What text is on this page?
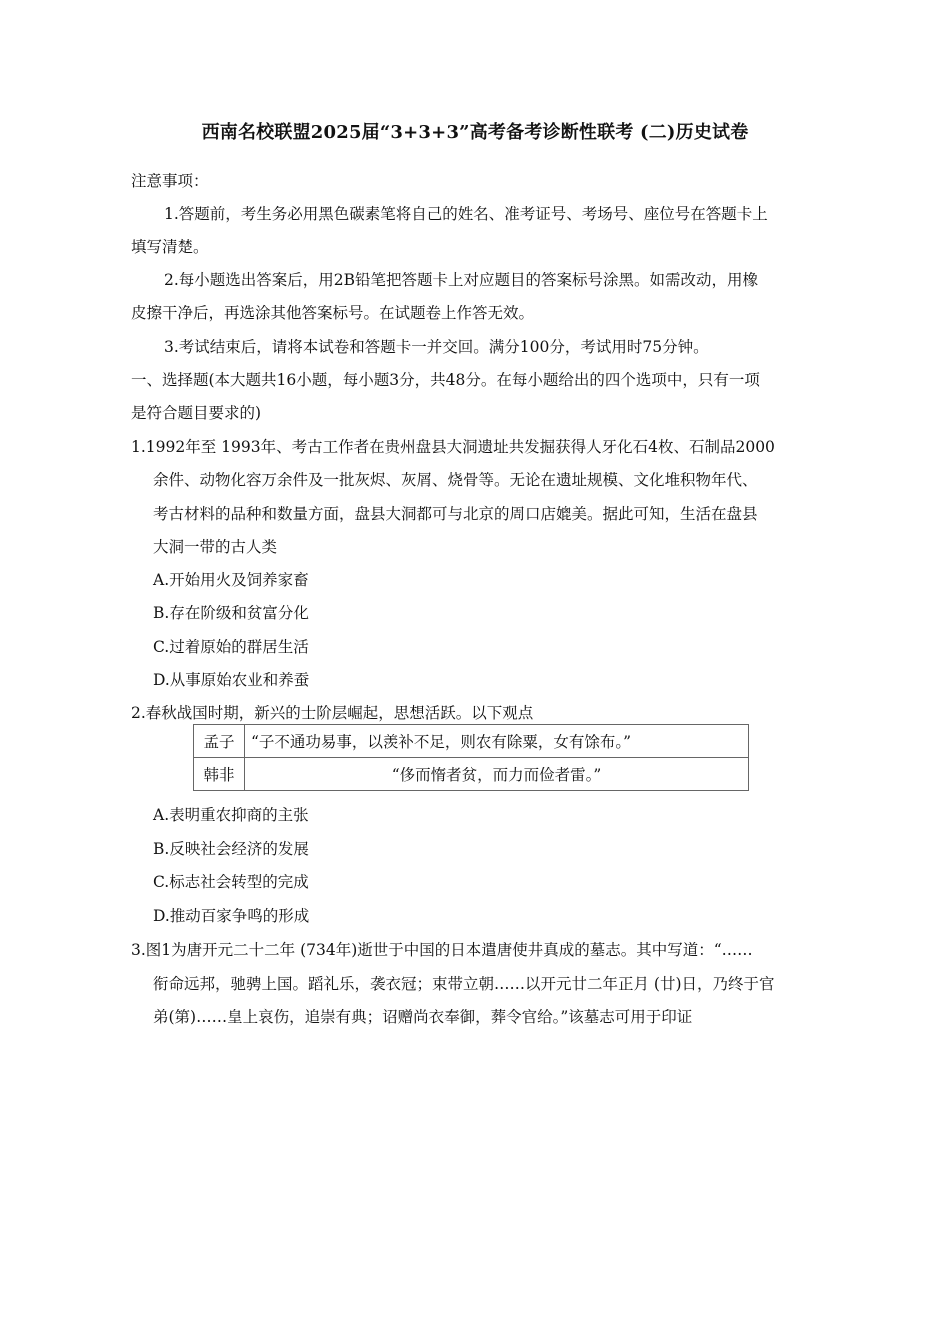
西南名校联盟2025届“3+3+3”高考备考诊断性联考 (二)历史试卷
注意事项：
1.答题前，考生务必用黑色碳素笔将自己的姓名、准考证号、考场号、座位号在答题卡上
填写清楚。
2.每小题选出答案后，用2B铅笔把答题卡上对应题目的答案标号涂黑。如需改动，用橡
皮擦干净后，再选涂其他答案标号。在试题卷上作答无效。
3.考试结束后，请将本试卷和答题卡一并交回。满分100分，考试用时75分钟。
一、选择题(本大题共16小题，每小题3分，共48分。在每小题给出的四个选项中，只有一项
是符合题目要求的)
1.1992年至 1993年、考古工作者在贵州盘县大洞遗址共发掘获得人牙化石4枚、石制品2000
余件、动物化容万余件及一批灰烬、灰屑、烧骨等。无论在遗址规模、文化堆积物年代、
考古材料的品种和数量方面，盘县大洞都可与北京的周口店媲美。据此可知，生活在盘县
大洞一带的古人类
A.开始用火及饲养家畜
B.存在阶级和贫富分化
C.过着原始的群居生活
D.从事原始农业和养蚕
2.春秋战国时期，新兴的士阶层崛起，思想活跃。以下观点
孟子	“子不通功易事，以羡补不足，则农有除粟，女有馀布。”
韩非	“侈而惰者贫，而力而俭者雷。”
A.表明重农抑商的主张
B.反映社会经济的发展
C.标志社会转型的完成
D.推动百家争鸣的形成
3.图1为唐开元二十二年 (734年)逝世于中国的日本遣唐使井真成的墓志。其中写道：“……
衔命远邦，驰骋上国。蹈礼乐，袭衣冠；束带立朝……以开元廿二年正月 (廿)日，乃终于官
弟(第)……皇上哀伤，追崇有典；诏赠尚衣奉御，葬令官给。”该墓志可用于印证
